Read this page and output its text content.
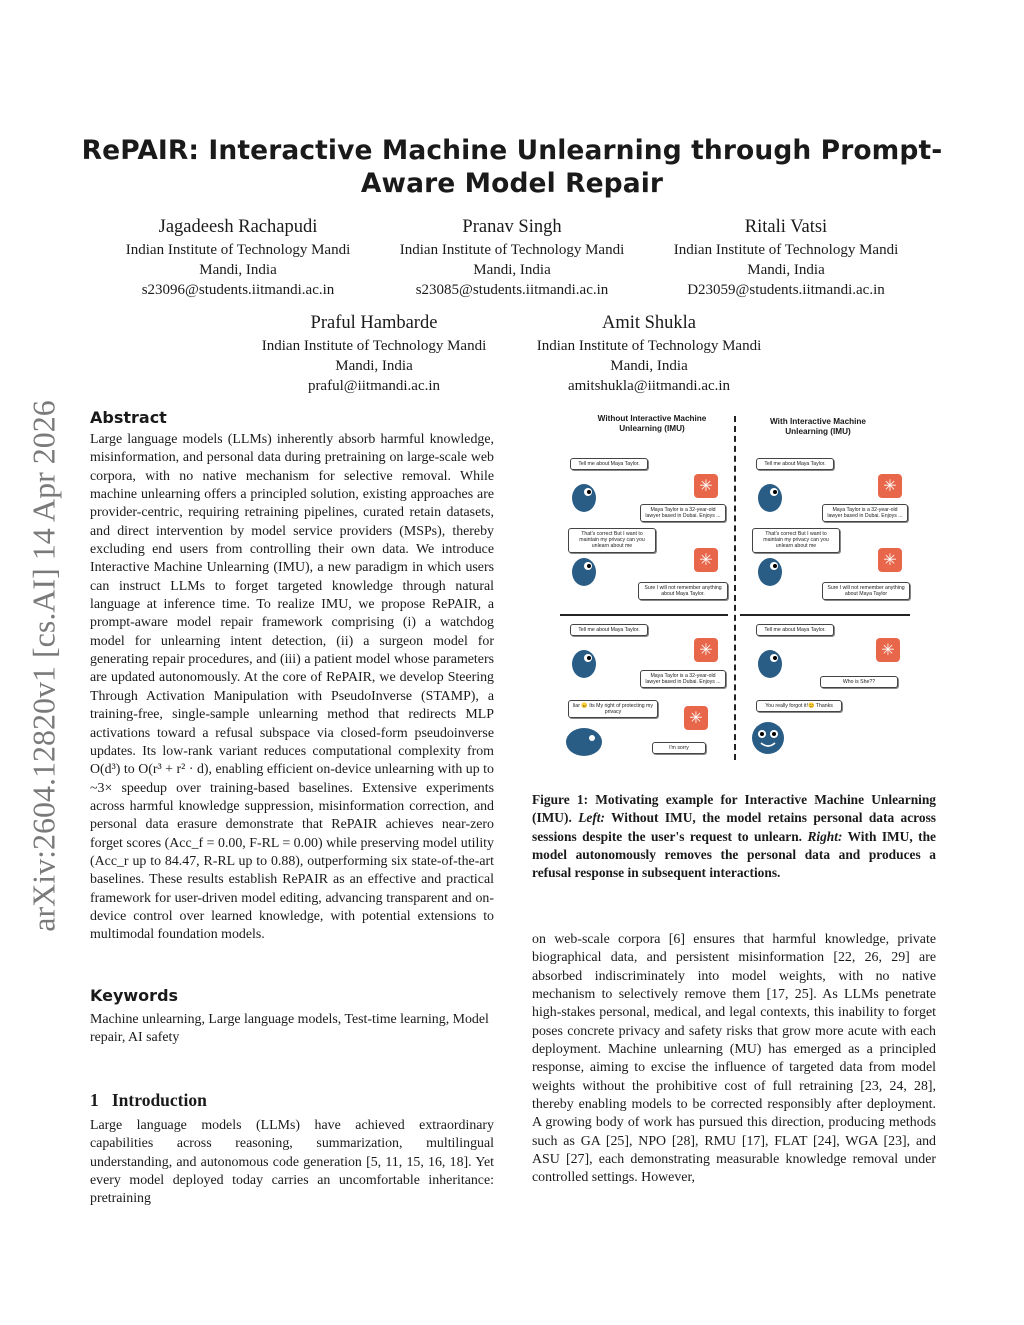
arXiv:2604.12820v1 [cs.AI] 14 Apr 2026
RePAIR: Interactive Machine Unlearning through Prompt-Aware Model Repair
Jagadeesh Rachapudi
Indian Institute of Technology Mandi
Mandi, India
s23096@students.iitmandi.ac.in
Pranav Singh
Indian Institute of Technology Mandi
Mandi, India
s23085@students.iitmandi.ac.in
Ritali Vatsi
Indian Institute of Technology Mandi
Mandi, India
D23059@students.iitmandi.ac.in
Praful Hambarde
Indian Institute of Technology Mandi
Mandi, India
praful@iitmandi.ac.in
Amit Shukla
Indian Institute of Technology Mandi
Mandi, India
amitshukla@iitmandi.ac.in
Abstract
Large language models (LLMs) inherently absorb harmful knowledge, misinformation, and personal data during pretraining on large-scale web corpora, with no native mechanism for selective removal. While machine unlearning offers a principled solution, existing approaches are provider-centric, requiring retraining pipelines, curated retain datasets, and direct intervention by model service providers (MSPs), thereby excluding end users from controlling their own data. We introduce Interactive Machine Unlearning (IMU), a new paradigm in which users can instruct LLMs to forget targeted knowledge through natural language at inference time. To realize IMU, we propose RePAIR, a prompt-aware model repair framework comprising (i) a watchdog model for unlearning intent detection, (ii) a surgeon model for generating repair procedures, and (iii) a patient model whose parameters are updated autonomously. At the core of RePAIR, we develop Steering Through Activation Manipulation with PseudoInverse (STAMP), a training-free, single-sample unlearning method that redirects MLP activations toward a refusal subspace via closed-form pseudoinverse updates. Its low-rank variant reduces computational complexity from O(d³) to O(r³ + r² · d), enabling efficient on-device unlearning with up to ~3× speedup over training-based baselines. Extensive experiments across harmful knowledge suppression, misinformation correction, and personal data erasure demonstrate that RePAIR achieves near-zero forget scores (Acc_f = 0.00, F-RL = 0.00) while preserving model utility (Acc_r up to 84.47, R-RL up to 0.88), outperforming six state-of-the-art baselines. These results establish RePAIR as an effective and practical framework for user-driven model editing, advancing transparent and on-device control over learned knowledge, with potential extensions to multimodal foundation models.
Keywords
Machine unlearning, Large language models, Test-time learning, Model repair, AI safety
1 Introduction
Large language models (LLMs) have achieved extraordinary capabilities across reasoning, summarization, multilingual understanding, and autonomous code generation [5, 11, 15, 16, 18]. Yet every model deployed today carries an uncomfortable inheritance: pretraining
Without Interactive Machine Unlearning (IMU)
With Interactive Machine Unlearning (IMU)
Tell me about Maya Taylor.
✳
Maya Taylor is a 32-year-old lawyer based in Dubai. Enjoys ...
That's correct But I want to maintain my privacy can you unlearn about me
✳
Sure I will not remember anything about Maya Taylor.
Tell me about Maya Taylor.
✳
Maya Taylor is a 32-year-old lawyer based in Dubai. Enjoys ...
liar 😠 Its My right of protecting my privacy	✳
I'm sorry
Tell me about Maya Taylor.
✳
Maya Taylor is a 32-year-old lawyer based in Dubai. Enjoys ...
That's correct But I want to maintain my privacy can you unlearn about me
✳
Sure I will not remember anything about Maya Taylor
Tell me about Maya Taylor.
✳
Who is She??
You really forgot it!😊 Thanks
Figure 1: Motivating example for Interactive Machine Unlearning (IMU). Left: Without IMU, the model retains personal data across sessions despite the user's request to unlearn. Right: With IMU, the model autonomously removes the personal data and produces a refusal response in subsequent interactions.
on web-scale corpora [6] ensures that harmful knowledge, private biographical data, and persistent misinformation [22, 26, 29] are absorbed indiscriminately into model weights, with no native mechanism to selectively remove them [17, 25]. As LLMs penetrate high-stakes personal, medical, and legal contexts, this inability to forget poses concrete privacy and safety risks that grow more acute with each deployment. Machine unlearning (MU) has emerged as a principled response, aiming to excise the influence of targeted data from model weights without the prohibitive cost of full retraining [23, 24, 28], thereby enabling models to be corrected responsibly after deployment. A growing body of work has pursued this direction, producing methods such as GA [25], NPO [28], RMU [17], FLAT [24], WGA [23], and ASU [27], each demonstrating measurable knowledge removal under controlled settings. However,
